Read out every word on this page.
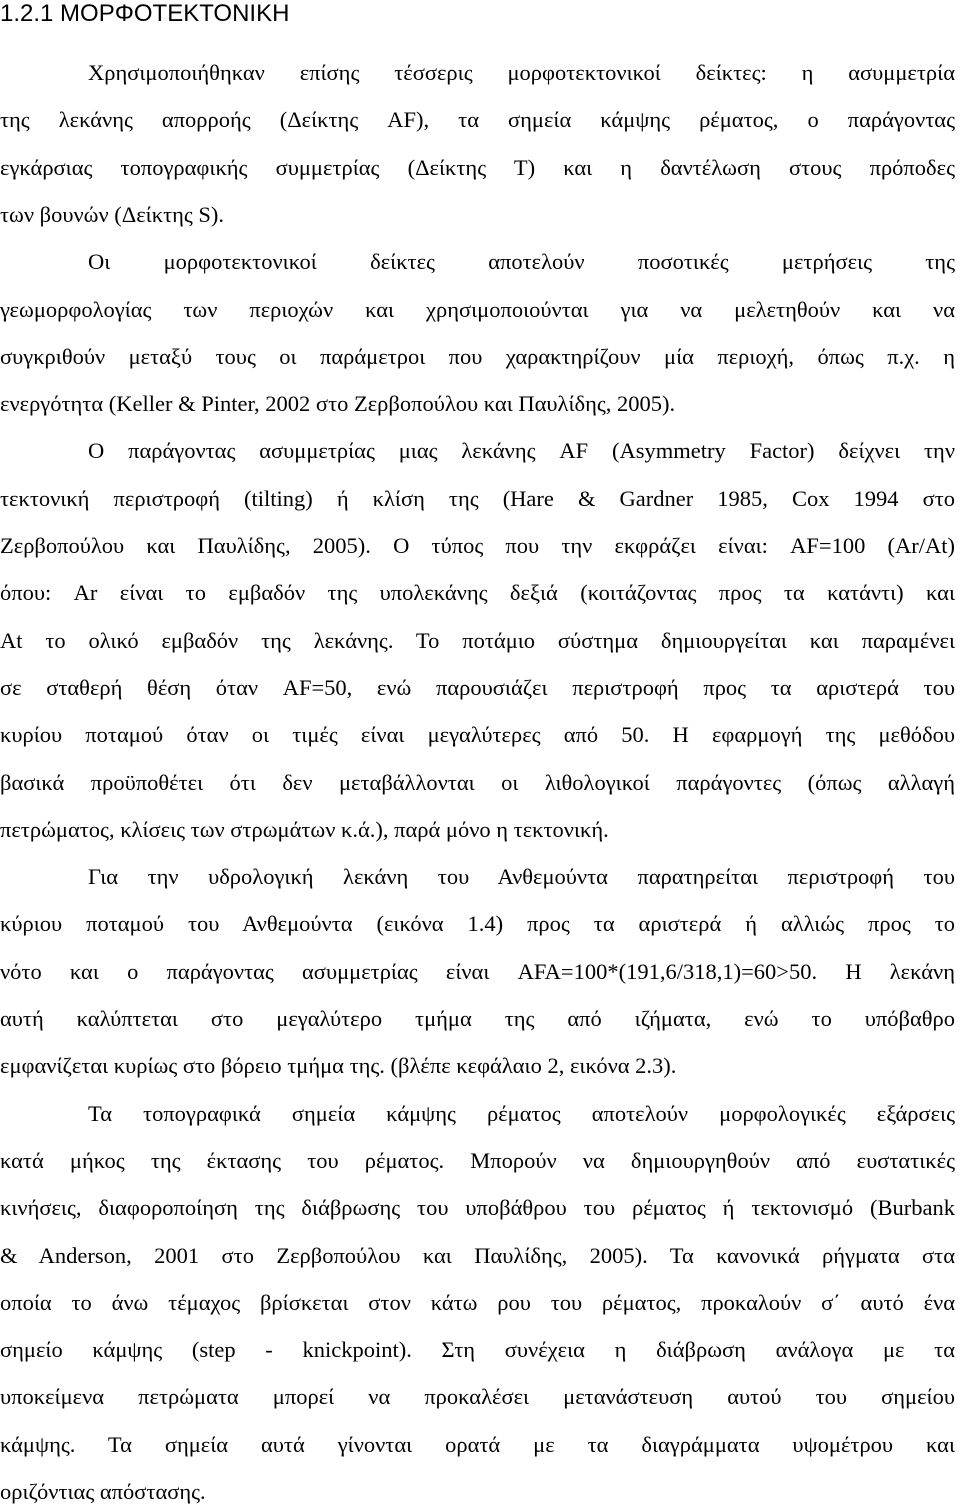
1.2.1 ΜΟΡΦΟΤΕΚΤΟΝΙΚΗ
Χρησιμοποιήθηκαν επίσης τέσσερις μορφοτεκτονικοί δείκτες: η ασυμμετρία
της λεκάνης απορροής (Δείκτης AF), τα σημεία κάμψης ρέματος, ο παράγοντας
εγκάρσιας τοπογραφικής συμμετρίας (Δείκτης Τ) και η δαντέλωση στους πρόποδες
των βουνών (Δείκτης S).
Οι μορφοτεκτονικοί δείκτες αποτελούν ποσοτικές μετρήσεις της
γεωμορφολογίας των περιοχών και χρησιμοποιούνται για να μελετηθούν και να
συγκριθούν μεταξύ τους οι παράμετροι που χαρακτηρίζουν μία περιοχή, όπως π.χ. η
ενεργότητα (Keller & Pinter, 2002 στο Ζερβοπούλου και Παυλίδης, 2005).
Ο παράγοντας ασυμμετρίας μιας λεκάνης AF (Asymmetry Factor) δείχνει την
τεκτονική περιστροφή (tilting) ή κλίση της (Hare & Gardner 1985, Cox 1994 στο
Ζερβοπούλου και Παυλίδης, 2005). Ο τύπος που την εκφράζει είναι: AF=100 (Ar/At)
όπου: Ar είναι το εμβαδόν της υπολεκάνης δεξιά (κοιτάζοντας προς τα κατάντι) και
At το ολικό εμβαδόν της λεκάνης. Το ποτάμιο σύστημα δημιουργείται και παραμένει
σε σταθερή θέση όταν AF=50, ενώ παρουσιάζει περιστροφή προς τα αριστερά του
κυρίου ποταμού όταν οι τιμές είναι μεγαλύτερες από 50. Η εφαρμογή της μεθόδου
βασικά προϋποθέτει ότι δεν μεταβάλλονται οι λιθολογικοί παράγοντες (όπως αλλαγή
πετρώματος, κλίσεις των στρωμάτων κ.ά.), παρά μόνο η τεκτονική.
Για την υδρολογική λεκάνη του Ανθεμούντα παρατηρείται περιστροφή του
κύριου ποταμού του Ανθεμούντα (εικόνα 1.4) προς τα αριστερά ή αλλιώς προς το
νότο και ο παράγοντας ασυμμετρίας είναι AFA=100*(191,6/318,1)=60>50. Η λεκάνη
αυτή καλύπτεται στο μεγαλύτερο τμήμα της από ιζήματα, ενώ το υπόβαθρο
εμφανίζεται κυρίως στο βόρειο τμήμα της. (βλέπε κεφάλαιο 2, εικόνα 2.3).
Τα τοπογραφικά σημεία κάμψης ρέματος αποτελούν μορφολογικές εξάρσεις
κατά μήκος της έκτασης του ρέματος. Μπορούν να δημιουργηθούν από ευστατικές
κινήσεις, διαφοροποίηση της διάβρωσης του υποβάθρου του ρέματος ή τεκτονισμό (Burbank
& Anderson, 2001 στο Ζερβοπούλου και Παυλίδης, 2005). Τα κανονικά ρήγματα στα
οποία το άνω τέμαχος βρίσκεται στον κάτω ρου του ρέματος, προκαλούν σ΄ αυτό ένα
σημείο κάμψης (step - knickpoint). Στη συνέχεια η διάβρωση ανάλογα με τα
υποκείμενα πετρώματα μπορεί να προκαλέσει μετανάστευση αυτού του σημείου
κάμψης. Τα σημεία αυτά γίνονται ορατά με τα διαγράμματα υψομέτρου και
οριζόντιας απόστασης.
